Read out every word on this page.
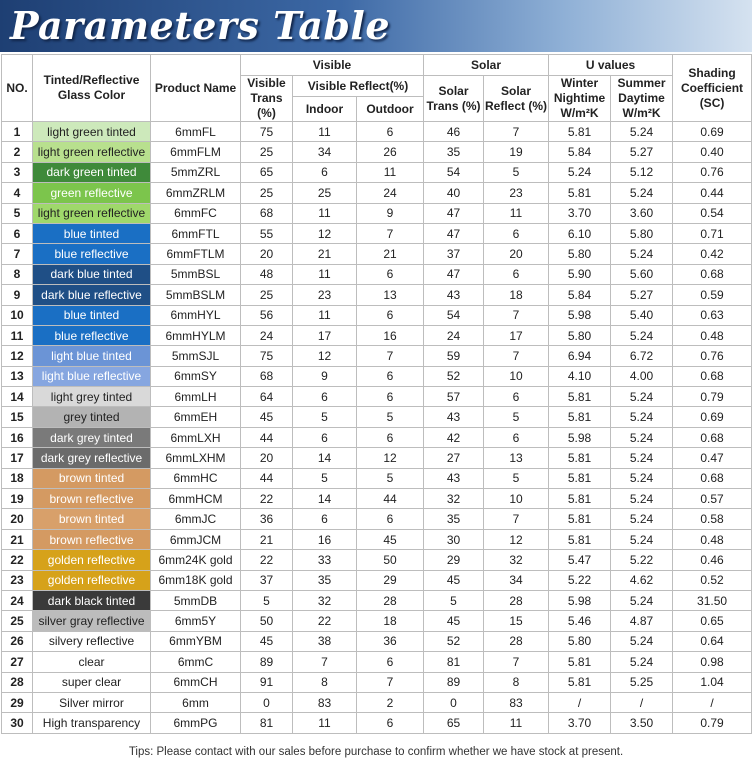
Parameters Table
NO.	Tinted/Reflective Glass Color	Product Name	Visible			Solar		U values		Shading Coefficient (SC)
			Visible Trans (%)	Visible Reflect(%)		Solar Trans (%)	Solar Reflect (%)	Winter Nightime W/m²K	Summer Daytime W/m²K	
				Indoor	Outdoor					
1	light green tinted	6mmFL	75	11	6	46	7	5.81	5.24	0.69
2	light green reflective	6mmFLM	25	34	26	35	19	5.84	5.27	0.40
3	dark green tinted	5mmZRL	65	6	11	54	5	5.24	5.12	0.76
4	green reflective	6mmZRLM	25	25	24	40	23	5.81	5.24	0.44
5	light green reflective	6mmFC	68	11	9	47	11	3.70	3.60	0.54
6	blue tinted	6mmFTL	55	12	7	47	6	6.10	5.80	0.71
7	blue reflective	6mmFTLM	20	21	21	37	20	5.80	5.24	0.42
8	dark blue tinted	5mmBSL	48	11	6	47	6	5.90	5.60	0.68
9	dark blue reflective	5mmBSLM	25	23	13	43	18	5.84	5.27	0.59
10	blue tinted	6mmHYL	56	11	6	54	7	5.98	5.40	0.63
11	blue reflective	6mmHYLM	24	17	16	24	17	5.80	5.24	0.48
12	light blue tinted	5mmSJL	75	12	7	59	7	6.94	6.72	0.76
13	light blue reflective	6mmSY	68	9	6	52	10	4.10	4.00	0.68
14	light grey tinted	6mmLH	64	6	6	57	6	5.81	5.24	0.79
15	grey tinted	6mmEH	45	5	5	43	5	5.81	5.24	0.69
16	dark grey tinted	6mmLXH	44	6	6	42	6	5.98	5.24	0.68
17	dark grey reflective	6mmLXHM	20	14	12	27	13	5.81	5.24	0.47
18	brown tinted	6mmHC	44	5	5	43	5	5.81	5.24	0.68
19	brown reflective	6mmHCM	22	14	44	32	10	5.81	5.24	0.57
20	brown tinted	6mmJC	36	6	6	35	7	5.81	5.24	0.58
21	brown reflective	6mmJCM	21	16	45	30	12	5.81	5.24	0.48
22	golden reflective	6mm24K gold	22	33	50	29	32	5.47	5.22	0.46
23	golden reflective	6mm18K gold	37	35	29	45	34	5.22	4.62	0.52
24	dark black tinted	5mmDB	5	32	28	5	28	5.98	5.24	31.50
25	silver gray reflective	6mm5Y	50	22	18	45	15	5.46	4.87	0.65
26	silvery reflective	6mmYBM	45	38	36	52	28	5.80	5.24	0.64
27	clear	6mmC	89	7	6	81	7	5.81	5.24	0.98
28	super clear	6mmCH	91	8	7	89	8	5.81	5.25	1.04
29	Silver mirror	6mm	0	83	2	0	83	/	/	/
30	High transparency	6mmPG	81	11	6	65	11	3.70	3.50	0.79
Tips: Please contact with our sales before purchase to confirm whether we have stock at present.
